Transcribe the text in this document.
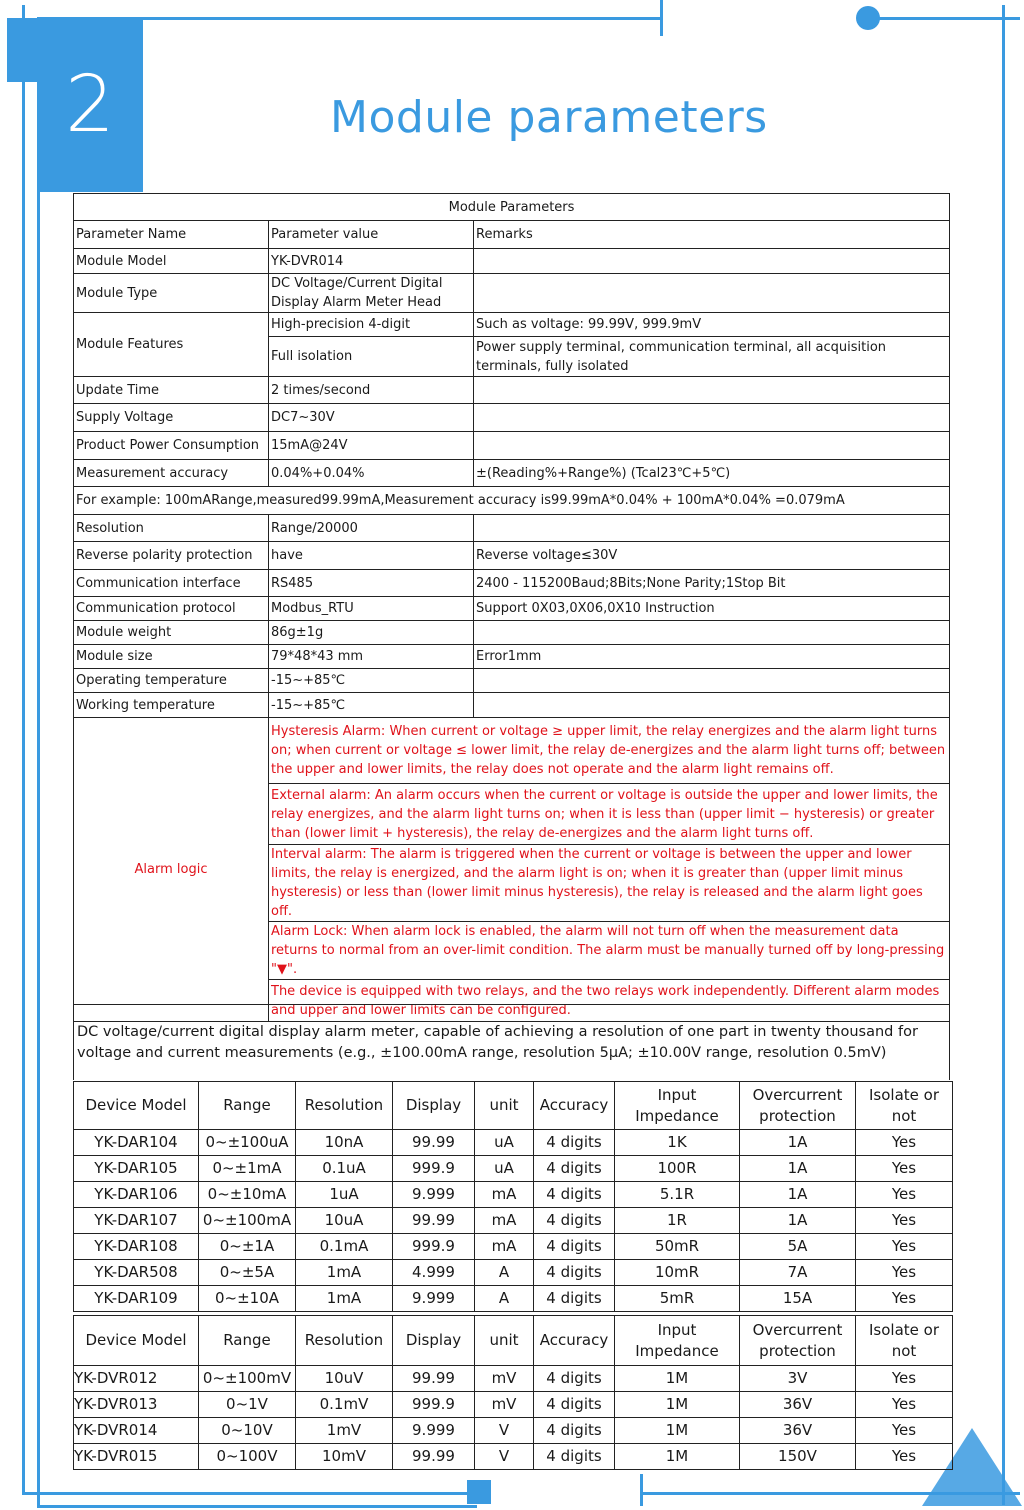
2	Module parameters
Module Parameters		
Parameter Name	Parameter value	Remarks
Module Model	YK-DVR014	
Module Type	DC Voltage/Current Digital Display Alarm Meter Head	
Module Features	High-precision 4-digit	Such as voltage: 99.99V, 999.9mV
	Full isolation	Power supply terminal, communication terminal, all acquisition terminals, fully isolated
Update Time	2 times/second	
Supply Voltage	DC7~30V	
Product Power Consumption	15mA@24V	
Measurement accuracy	0.04%+0.04%	±(Reading%+Range%) (Tcal23℃+5℃)
For example: 100mARange,measured99.99mA,Measurement accuracy is99.99mA*0.04% + 100mA*0.04% =0.079mA		
Resolution	Range/20000	
Reverse polarity protection	have	Reverse voltage≤30V
Communication interface	RS485	2400 - 115200Baud;8Bits;None Parity;1Stop Bit
Communication protocol	Modbus_RTU	Support 0X03,0X06,0X10 Instruction
Module weight	86g±1g	
Module size	79*48*43 mm	Error1mm
Operating temperature	-15~+85℃	
Working temperature	-15~+85℃	
Alarm logic	Hysteresis Alarm: When current or voltage ≥ upper limit, the relay energizes and the alarm light turns on; when current or voltage ≤ lower limit, the relay de-energizes and the alarm light turns off; between the upper and lower limits, the relay does not operate and the alarm light remains off.	
	External alarm: An alarm occurs when the current or voltage is outside the upper and lower limits, the relay energizes, and the alarm light turns on; when it is less than (upper limit − hysteresis) or greater than (lower limit + hysteresis), the relay de-energizes and the alarm light turns off.	
	Interval alarm: The alarm is triggered when the current or voltage is between the upper and lower limits, the relay is energized, and the alarm light is on; when it is greater than (upper limit minus hysteresis) or less than (lower limit minus hysteresis), the relay is released and the alarm light goes off.	
	Alarm Lock: When alarm lock is enabled, the alarm will not turn off when the measurement data returns to normal from an over-limit condition. The alarm must be manually turned off by long-pressing "▼".	
	The device is equipped with two relays, and the two relays work independently. Different alarm modes and upper and lower limits can be configured.	
DC voltage/current digital display alarm meter, capable of achieving a resolution of one part in twenty thousand for voltage and current measurements (e.g., ±100.00mA range, resolution 5μA; ±10.00V range, resolution 0.5mV)
Device Model	Range	Resolution	Display	unit	Accuracy	Input Impedance	Overcurrent protection	Isolate or not
YK-DAR104	0~±100uA	10nA	99.99	uA	4 digits	1K	1A	Yes
YK-DAR105	0~±1mA	0.1uA	999.9	uA	4 digits	100R	1A	Yes
YK-DAR106	0~±10mA	1uA	9.999	mA	4 digits	5.1R	1A	Yes
YK-DAR107	0~±100mA	10uA	99.99	mA	4 digits	1R	1A	Yes
YK-DAR108	0~±1A	0.1mA	999.9	mA	4 digits	50mR	5A	Yes
YK-DAR508	0~±5A	1mA	4.999	A	4 digits	10mR	7A	Yes
YK-DAR109	0~±10A	1mA	9.999	A	4 digits	5mR	15A	Yes
Device Model	Range	Resolution	Display	unit	Accuracy	Input Impedance	Overcurrent protection	Isolate or not
YK-DVR012	0~±100mV	10uV	99.99	mV	4 digits	1M	3V	Yes
YK-DVR013	0~1V	0.1mV	999.9	mV	4 digits	1M	36V	Yes
YK-DVR014	0~10V	1mV	9.999	V	4 digits	1M	36V	Yes
YK-DVR015	0~100V	10mV	99.99	V	4 digits	1M	150V	Yes
